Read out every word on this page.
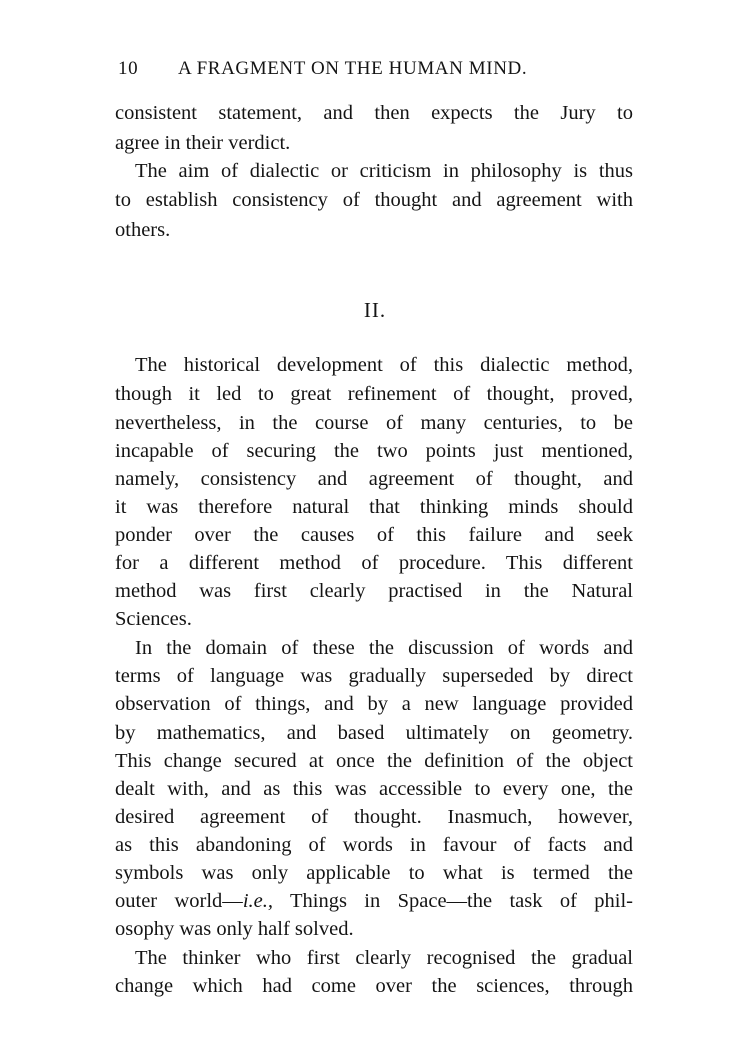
10 A FRAGMENT ON THE HUMAN MIND.
consistent statement, and then expects the Jury to
agree in their verdict.
The aim of dialectic or criticism in philosophy is thus
to establish consistency of thought and agreement with
others.
II.
The historical development of this dialectic method,
though it led to great refinement of thought, proved,
nevertheless, in the course of many centuries, to be
incapable of securing the two points just mentioned,
namely, consistency and agreement of thought, and
it was therefore natural that thinking minds should
ponder over the causes of this failure and seek
for a different method of procedure. This different
method was first clearly practised in the Natural
Sciences.
In the domain of these the discussion of words and
terms of language was gradually superseded by direct
observation of things, and by a new language provided
by mathematics, and based ultimately on geometry.
This change secured at once the definition of the object
dealt with, and as this was accessible to every one, the
desired agreement of thought. Inasmuch, however,
as this abandoning of words in favour of facts and
symbols was only applicable to what is termed the
outer world—i.e., Things in Space—the task of phil-
osophy was only half solved.
The thinker who first clearly recognised the gradual
change which had come over the sciences, through
